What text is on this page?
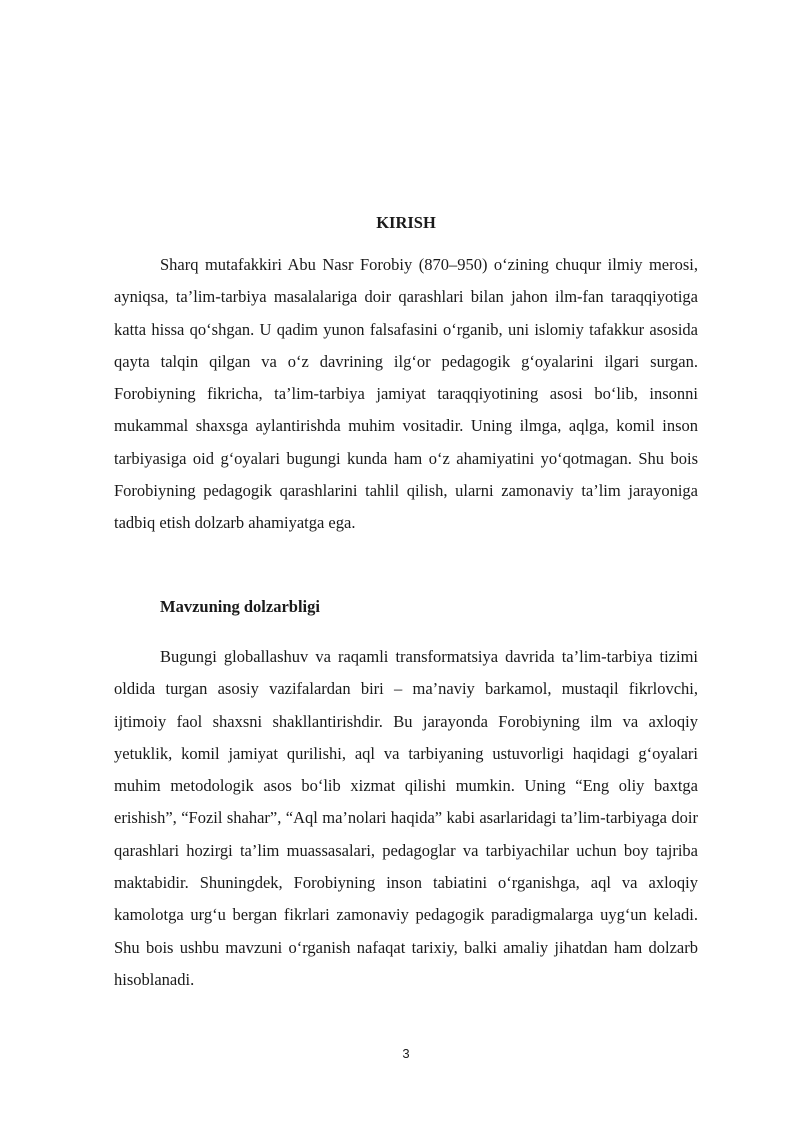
KIRISH

Sharq mutafakkiri Abu Nasr Forobiy (870–950) o‘zining chuqur ilmiy merosi, ayniqsa, ta’lim-tarbiya masalalariga doir qarashlari bilan jahon ilm-fan taraqqiyotiga katta hissa qo‘shgan. U qadim yunon falsafasini o‘rganib, uni islomiy tafakkur asosida qayta talqin qilgan va o‘z davrining ilg‘or pedagogik g‘oyalarini ilgari surgan. Forobiyning fikricha, ta’lim-tarbiya jamiyat taraqqiyotining asosi bo‘lib, insonni mukammal shaxsga aylantirishda muhim vositadir. Uning ilmga, aqlga, komil inson tarbiyasiga oid g‘oyalari bugungi kunda ham o‘z ahamiyatini yo‘qotmagan. Shu bois Forobiyning pedagogik qarashlarini tahlil qilish, ularni zamonaviy ta’lim jarayoniga tadbiq etish dolzarb ahamiyatga ega.

Mavzuning dolzarbligi

Bugungi globallashuv va raqamli transformatsiya davrida ta’lim-tarbiya tizimi oldida turgan asosiy vazifalardan biri – ma’naviy barkamol, mustaqil fikrlovchi, ijtimoiy faol shaxsni shakllantirishdir. Bu jarayonda Forobiyning ilm va axloqiy yetuklik, komil jamiyat qurilishi, aql va tarbiyaning ustuvorligi haqidagi g‘oyalari muhim metodologik asos bo‘lib xizmat qilishi mumkin. Uning “Eng oliy baxtga erishish”, “Fozil shahar”, “Aql ma’nolari haqida” kabi asarlaridagi ta’lim-tarbiyaga doir qarashlari hozirgi ta’lim muassasalari, pedagoglar va tarbiyachilar uchun boy tajriba maktabidir. Shuningdek, Forobiyning inson tabiatini o‘rganishga, aql va axloqiy kamolotga urg‘u bergan fikrlari zamonaviy pedagogik paradigmalarga uyg‘un keladi. Shu bois ushbu mavzuni o‘rganish nafaqat tarixiy, balki amaliy jihatdan ham dolzarb hisoblanadi.

3
